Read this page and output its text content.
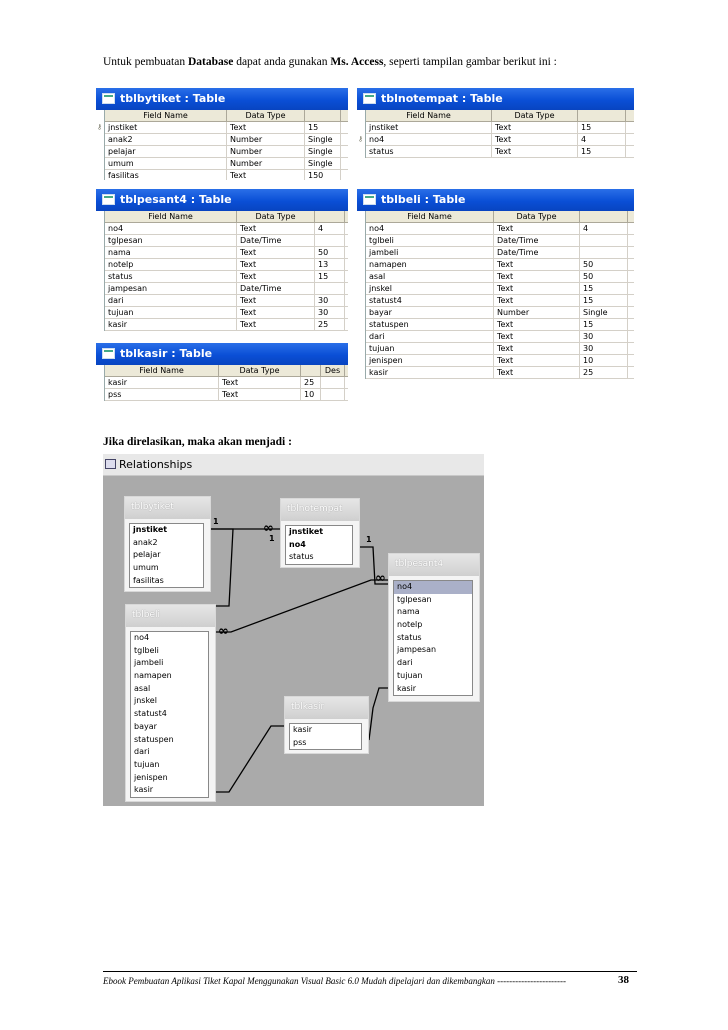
Untuk pembuatan Database dapat anda gunakan Ms. Access, seperti tampilan gambar berikut ini :
tblbytiket : Table
Field Name	Data Type
⚷ jnstiket	Text	15
anak2	Number	Single
pelajar	Number	Single
umum	Number	Single
fasilitas	Text	150
tblnotempat : Table
Field Name	Data Type
jnstiket	Text	15
⚷ no4	Text	4
status	Text	15
tblpesant4 : Table
Field Name	Data Type
no4	Text	4
tglpesan	Date/Time
nama	Text	50
notelp	Text	13
status	Text	15
jampesan	Date/Time
dari	Text	30
tujuan	Text	30
kasir	Text	25
tblbeli : Table
Field Name	Data Type
no4	Text	4
tglbeli	Date/Time
jambeli	Date/Time
namapen	Text	50
asal	Text	50
jnskel	Text	15
statust4	Text	15
bayar	Number	Single
statuspen	Text	15
dari	Text	30
tujuan	Text	30
jenispen	Text	10
kasir	Text	25
tblkasir : Table
Field Name	Data Type	Des
kasir	Text	25
pss	Text	10
Jika direlasikan, maka akan menjadi :
Relationships
1
1	1
∞
∞
∞
tblbytiket
jnstiket
anak2
pelajar
umum
fasilitas
tblnotempat
jnstiket
no4
status
tblpesant4
no4
tglpesan
nama
notelp
status
jampesan
dari
tujuan
kasir
tblbeli
no4
tglbeli
jambeli
namapen
asal
jnskel
statust4
bayar
statuspen
dari
tujuan
jenispen
kasir
tblkasir
kasir
pss
Ebook Pembuatan Aplikasi Tiket Kapal Menggunakan Visual Basic 6.0 Mudah dipelajari dan dikembangkan -----------------------	38
